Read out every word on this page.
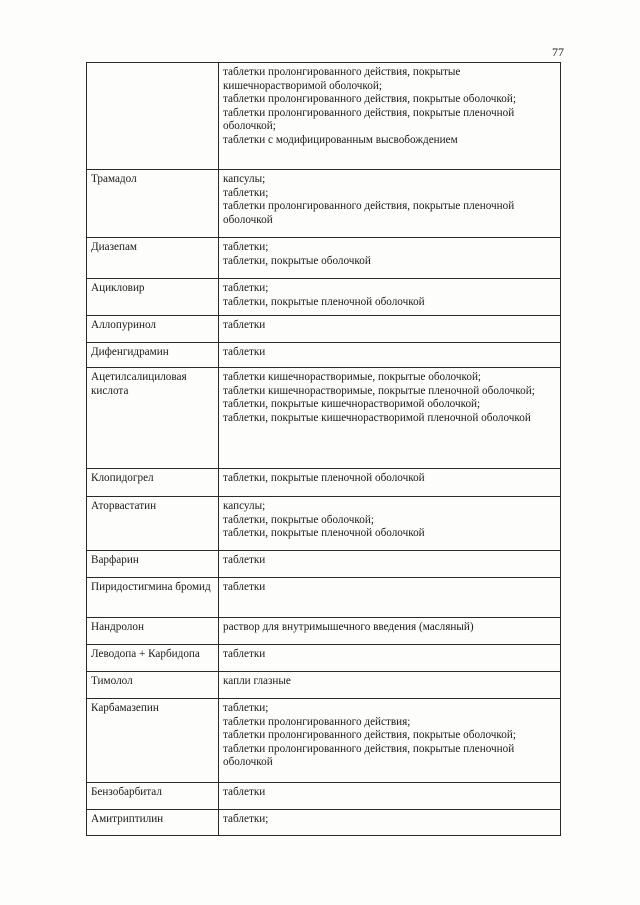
77

	таблетки пролонгированного действия, покрытые кишечнорастворимой оболочкой;
таблетки пролонгированного действия, покрытые оболочкой;
таблетки пролонгированного действия, покрытые пленочной оболочкой;
таблетки с модифицированным высвобождением

Трамадол	капсулы;
таблетки;
таблетки пролонгированного действия, покрытые пленочной оболочкой

Диазепам	таблетки;
таблетки, покрытые оболочкой

Ацикловир	таблетки;
таблетки, покрытые пленочной оболочкой

Аллопуринол	таблетки

Дифенгидрамин	таблетки

Ацетилсалициловая кислота	таблетки кишечнорастворимые, покрытые оболочкой;
таблетки кишечнорастворимые, покрытые пленочной оболочкой;
таблетки, покрытые кишечнорастворимой оболочкой;
таблетки, покрытые кишечнорастворимой пленочной оболочкой

Клопидогрел	таблетки, покрытые пленочной оболочкой

Аторвастатин	капсулы;
таблетки, покрытые оболочкой;
таблетки, покрытые пленочной оболочкой

Варфарин	таблетки

Пиридостигмина бромид	таблетки

Нандролон	раствор для внутримышечного введения (масляный)

Леводопа + Карбидопа	таблетки

Тимолол	капли глазные

Карбамазепин	таблетки;
таблетки пролонгированного действия;
таблетки пролонгированного действия, покрытые оболочкой;
таблетки пролонгированного действия, покрытые пленочной оболочкой

Бензобарбитал	таблетки

Амитриптилин	таблетки;
